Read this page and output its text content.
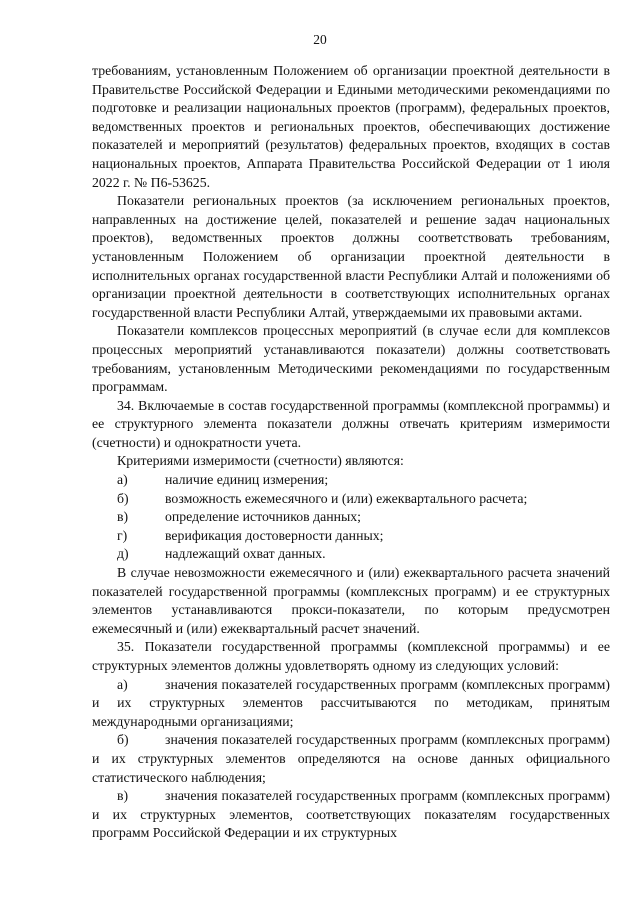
20

требованиям, установленным Положением об организации проектной деятельности в Правительстве Российской Федерации и Едиными методическими рекомендациями по подготовке и реализации национальных проектов (программ), федеральных проектов, ведомственных проектов и региональных проектов, обеспечивающих достижение показателей и мероприятий (результатов) федеральных проектов, входящих в состав национальных проектов, Аппарата Правительства Российской Федерации от 1 июля 2022 г. № П6-53625.

Показатели региональных проектов (за исключением региональных проектов, направленных на достижение целей, показателей и решение задач национальных проектов), ведомственных проектов должны соответствовать требованиям, установленным Положением об организации проектной деятельности в исполнительных органах государственной власти Республики Алтай и положениями об организации проектной деятельности в соответствующих исполнительных органах государственной власти Республики Алтай, утверждаемыми их правовыми актами.

Показатели комплексов процессных мероприятий (в случае если для комплексов процессных мероприятий устанавливаются показатели) должны соответствовать требованиям, установленным Методическими рекомендациями по государственным программам.

34. Включаемые в состав государственной программы (комплексной программы) и ее структурного элемента показатели должны отвечать критериям измеримости (счетности) и однократности учета.

Критериями измеримости (счетности) являются:

а)	наличие единиц измерения;

б)	возможность ежемесячного и (или) ежеквартального расчета;

в)	определение источников данных;

г)	верификация достоверности данных;

д)	надлежащий охват данных.

В случае невозможности ежемесячного и (или) ежеквартального расчета значений показателей государственной программы (комплексных программ) и ее структурных элементов устанавливаются прокси-показатели, по которым предусмотрен ежемесячный и (или) ежеквартальный расчет значений.

35. Показатели государственной программы (комплексной программы) и ее структурных элементов должны удовлетворять одному из следующих условий:

а)	значения показателей государственных программ (комплексных программ) и их структурных элементов рассчитываются по методикам, принятым международными организациями;

б)	значения показателей государственных программ (комплексных программ) и их структурных элементов определяются на основе данных официального статистического наблюдения;

в)	значения показателей государственных программ (комплексных программ) и их структурных элементов, соответствующих показателям государственных программ Российской Федерации и их структурных
